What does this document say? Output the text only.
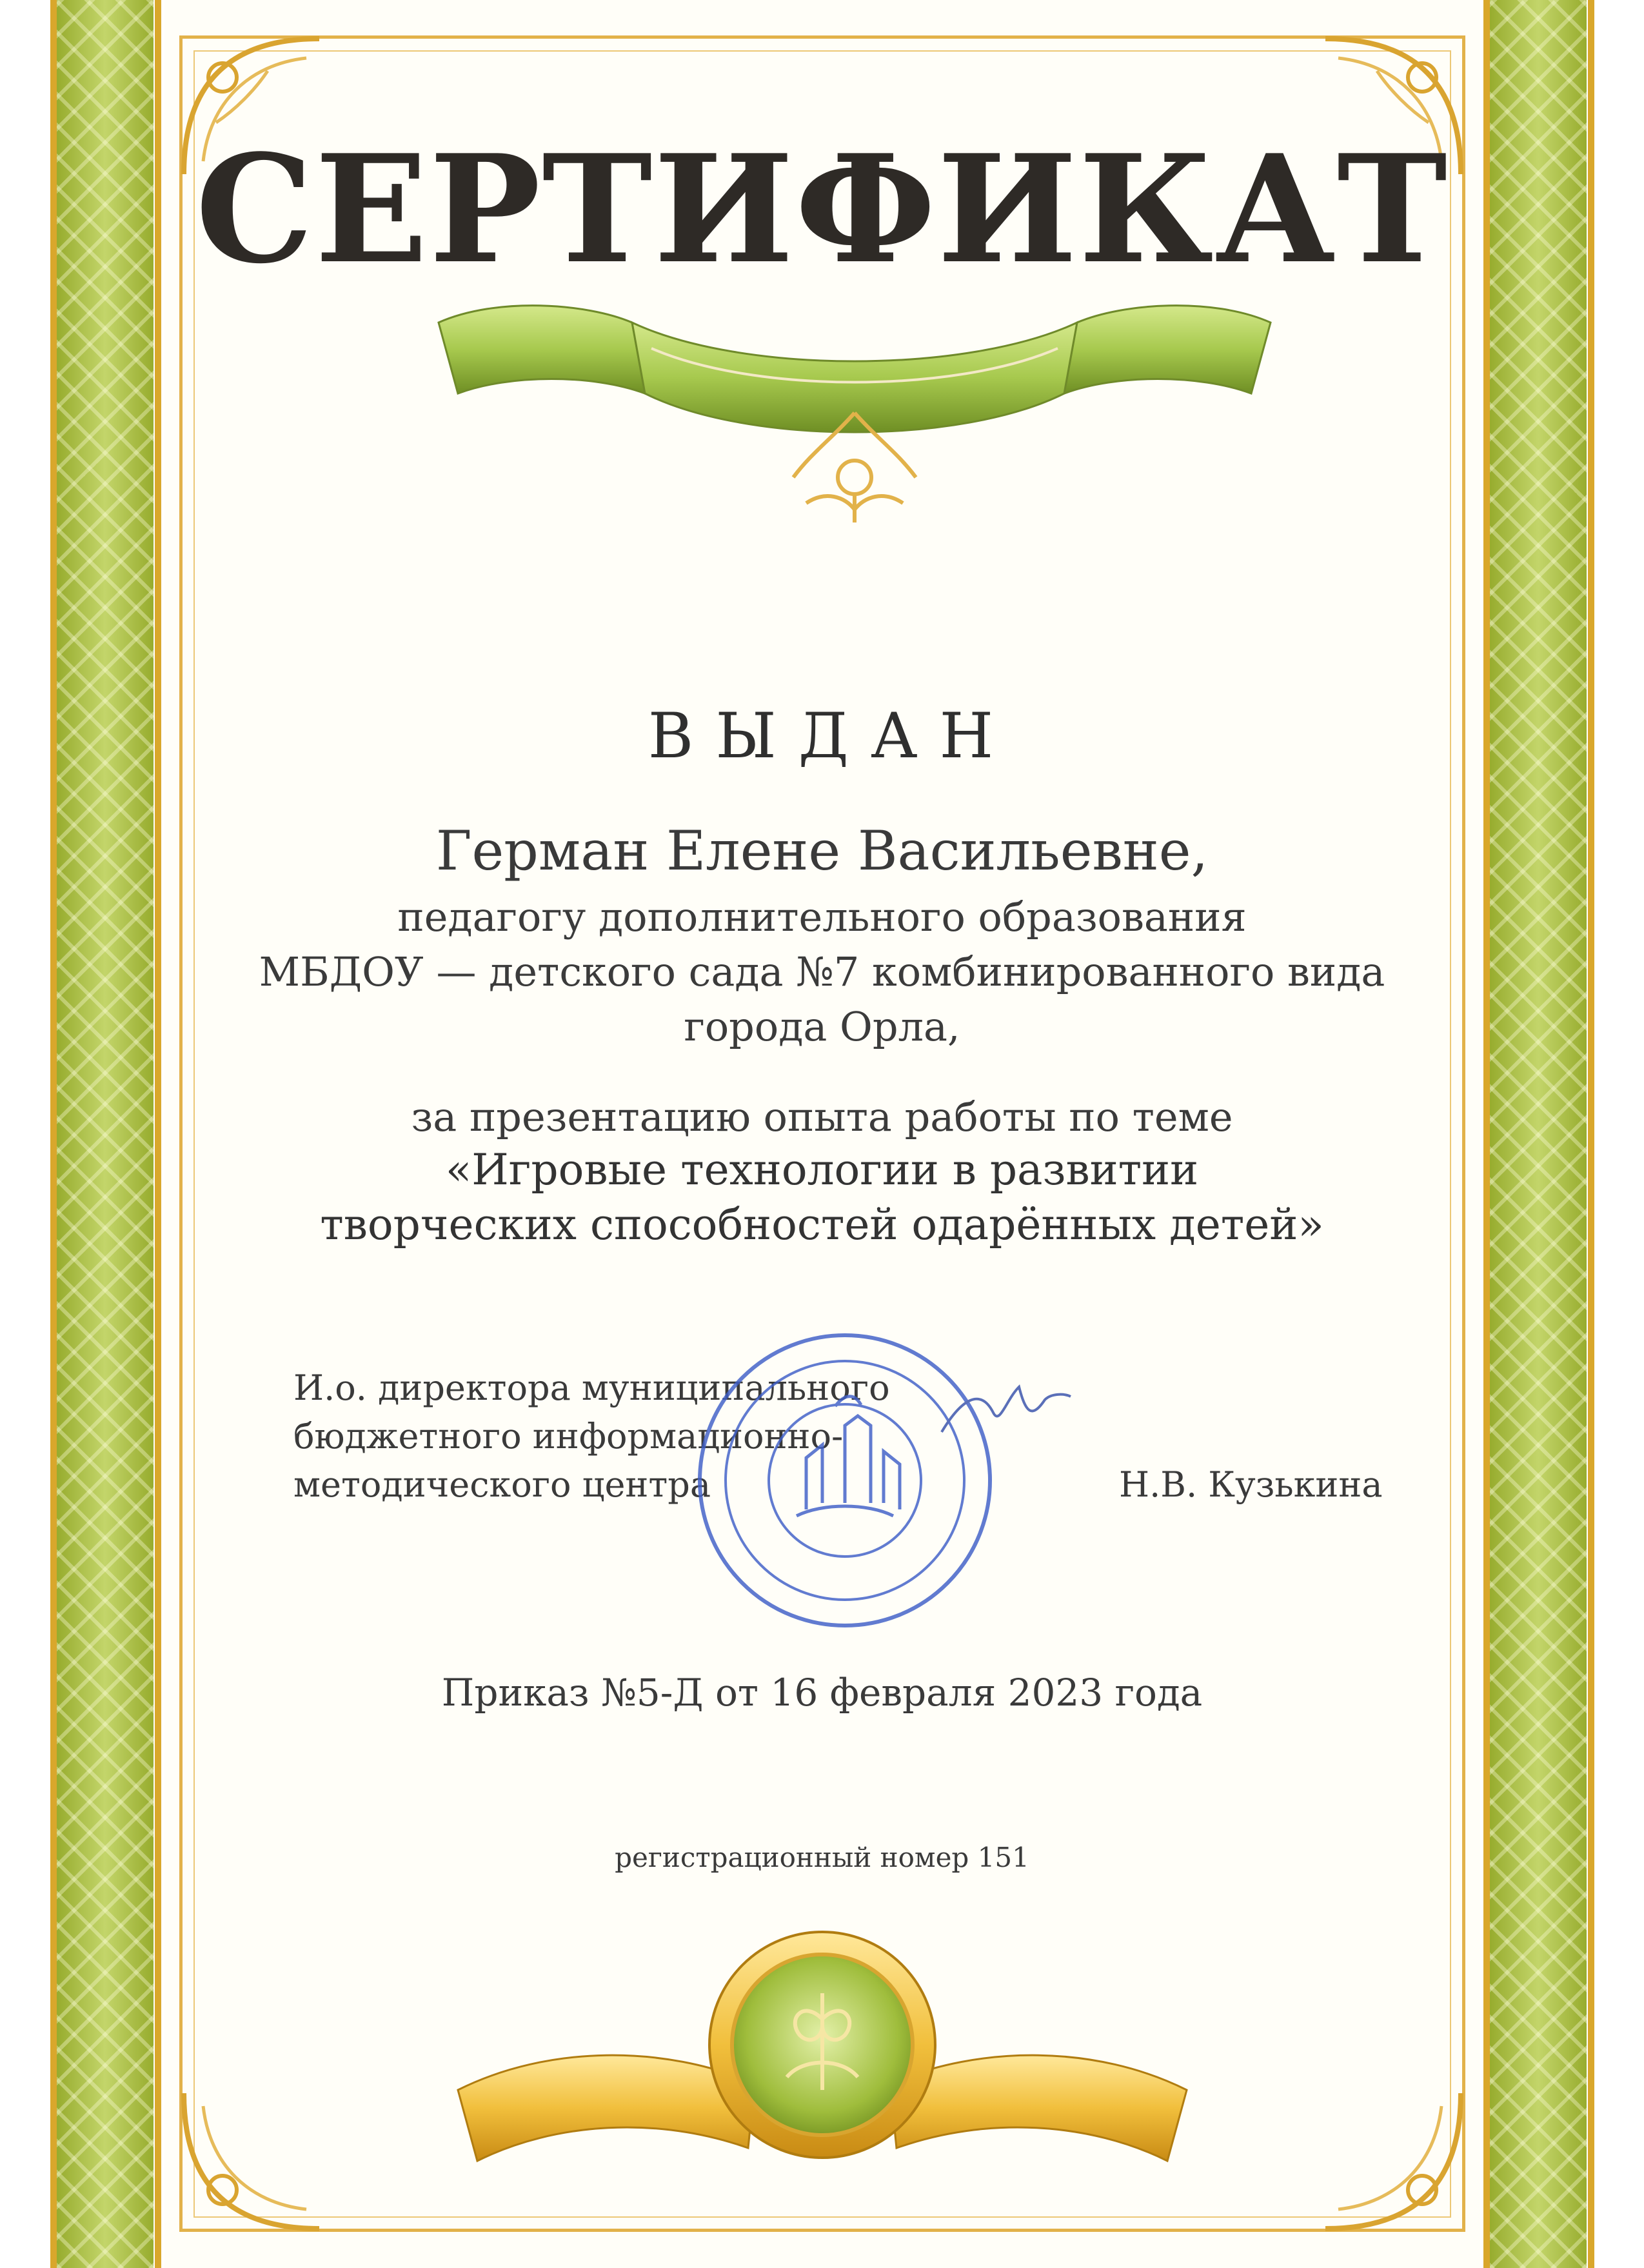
СЕРТИФИКАТ
ВЫДАН
Герман Елене Васильевне,
педагогу дополнительного образования
МБДОУ — детского сада №7 комбинированного вида
города Орла,
за презентацию опыта работы по теме
«Игровые технологии в развитии
творческих способностей одарённых детей»
И.о. директора муниципального
бюджетного информационно-
методического центра	Н.В. Кузькина
Приказ №5-Д от 16 февраля 2023 года
регистрационный номер 151
